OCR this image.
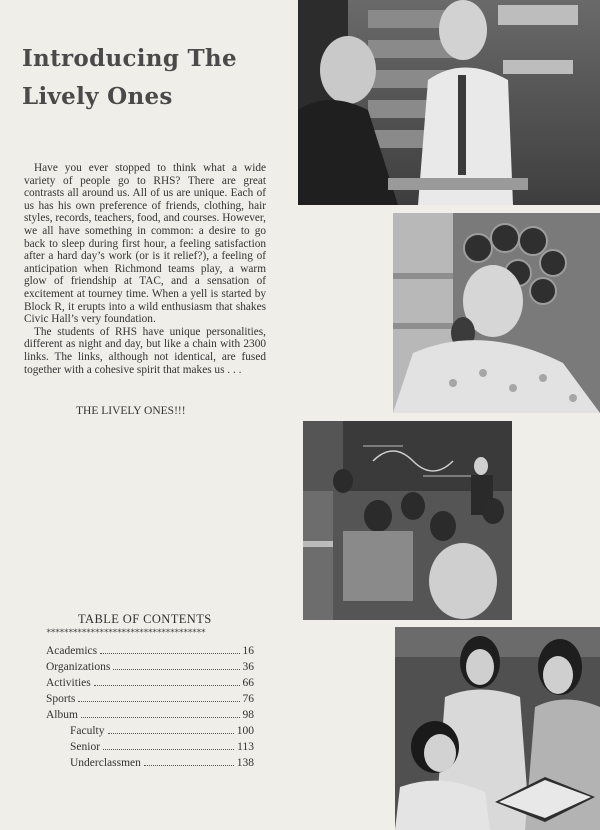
Introducing The
Lively Ones

Have you ever stopped to think what a wide variety of people go to RHS? There are great contrasts all around us. All of us are unique. Each of us has his own preference of friends, clothing, hair styles, records, teachers, food, and courses. However, we all have something in common: a desire to go back to sleep during first hour, a feeling satisfaction after a hard day’s work (or is it relief?), a feeling of anticipation when Richmond teams play, a warm glow of friendship at TAC, and a sensation of excitement at tourney time. When a yell is started by Block R, it erupts into a wild enthusiasm that shakes Civic Hall’s very foundation.

The students of RHS have unique personalities, different as night and day, but like a chain with 2300 links. The links, although not identical, are fused together with a cohesive spirit that makes us . . .

THE LIVELY ONES!!!
TABLE OF CONTENTS
************************************
Academics	16
Organizations	36
Activities	66
Sports	76
Album	98
Faculty	100
Senior	113
Underclassmen	138
